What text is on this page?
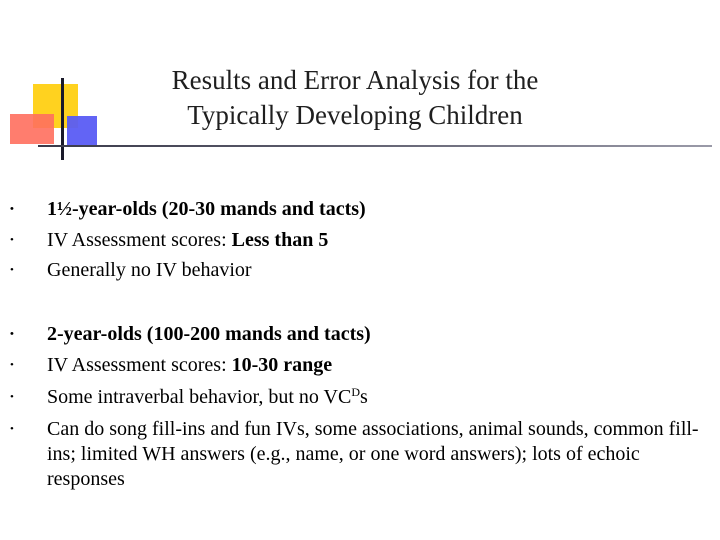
Results and Error Analysis for the
Typically Developing Children
• 1½-year-olds (20-30 mands and tacts)
• IV Assessment scores: Less than 5
• Generally no IV behavior
• 2-year-olds (100-200 mands and tacts)
• IV Assessment scores: 10-30 range
• Some intraverbal behavior, but no $VC^Ds$
• Can do song fill-ins and fun IVs, some associations, animal sounds, common fill-ins; limited WH answers (e.g., name, or one word answers); lots of echoic responses
